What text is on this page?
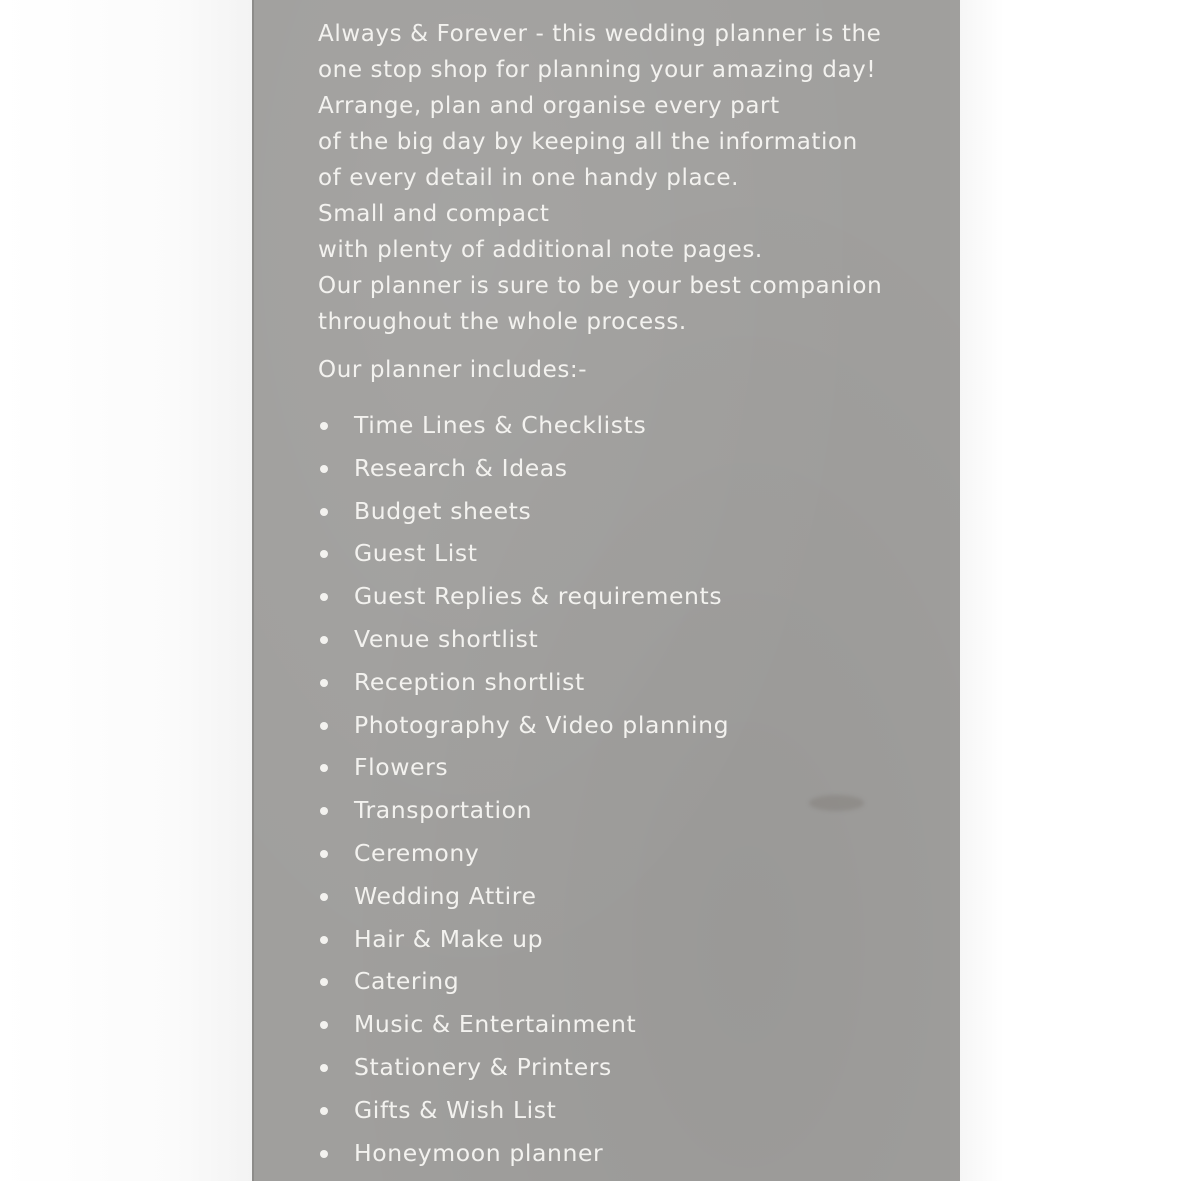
Always & Forever - this wedding planner is the
one stop shop for planning your amazing day!
Arrange, plan and organise every part
of the big day by keeping all the information
of every detail in one handy place.
Small and compact
with plenty of additional note pages.
Our planner is sure to be your best companion
throughout the whole process.

Our planner includes:-
Time Lines & Checklists
Research & Ideas
Budget sheets
Guest List
Guest Replies & requirements
Venue shortlist
Reception shortlist
Photography & Video planning
Flowers
Transportation
Ceremony
Wedding Attire
Hair & Make up
Catering
Music & Entertainment
Stationery & Printers
Gifts & Wish List
Honeymoon planner
